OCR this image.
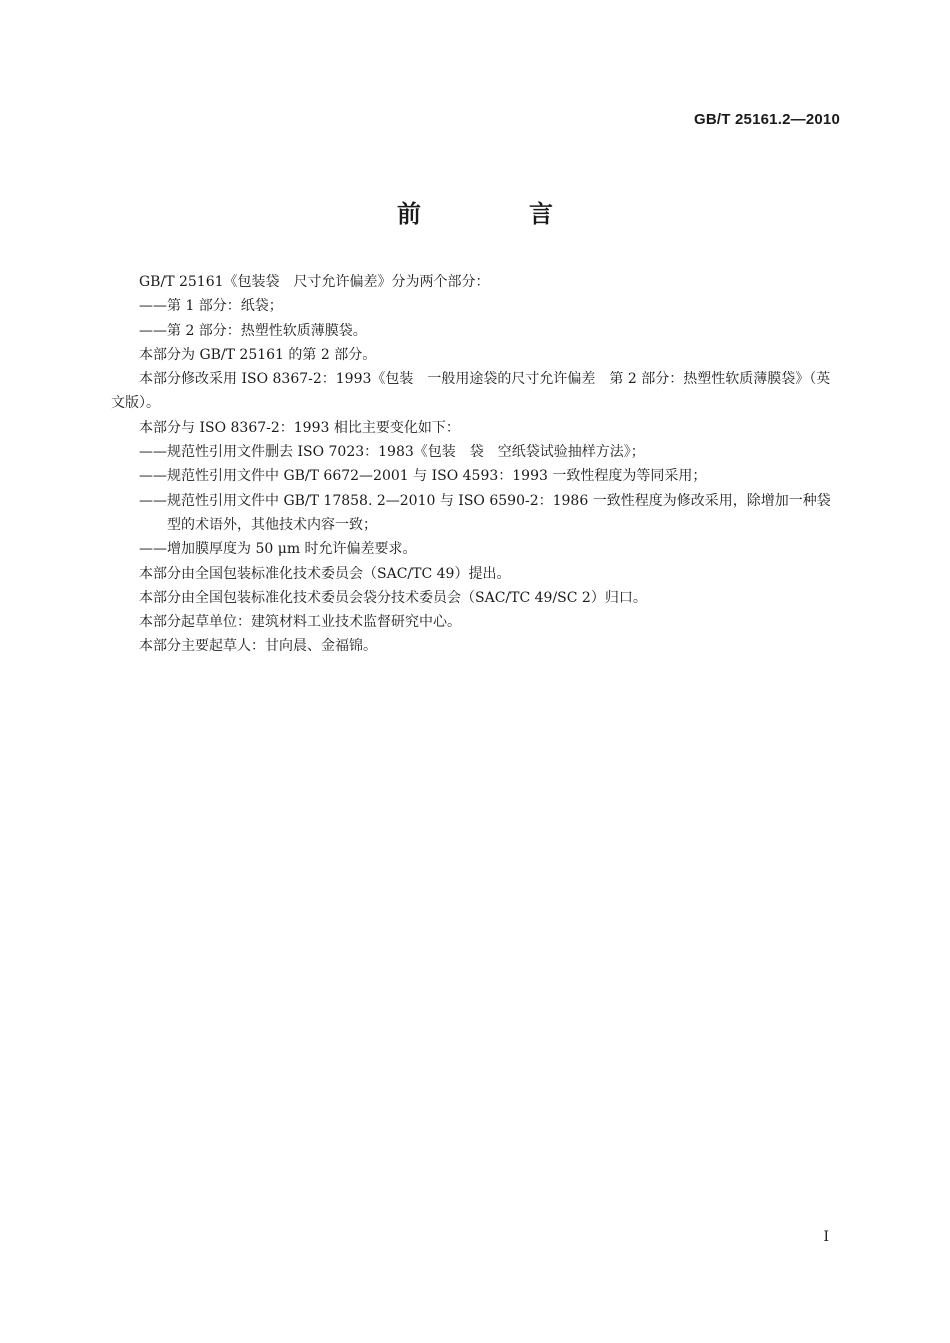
GB/T 25161.2—2010
前　言

GB/T 25161《包装袋　尺寸允许偏差》分为两个部分：

——第 1 部分：纸袋；

——第 2 部分：热塑性软质薄膜袋。

本部分为 GB/T 25161 的第 2 部分。

本部分修改采用 ISO 8367-2：1993《包装　一般用途袋的尺寸允许偏差　第 2 部分：热塑性软质薄膜袋》（英文版）。

本部分与 ISO 8367-2：1993 相比主要变化如下：

——规范性引用文件删去 ISO 7023：1983《包装　袋　空纸袋试验抽样方法》；

——规范性引用文件中 GB/T 6672—2001 与 ISO 4593：1993 一致性程度为等同采用；

——规范性引用文件中 GB/T 17858. 2—2010 与 ISO 6590-2：1986 一致性程度为修改采用，除增加一种袋型的术语外，其他技术内容一致；

——增加膜厚度为 50 μm 时允许偏差要求。

本部分由全国包装标准化技术委员会（SAC/TC 49）提出。

本部分由全国包装标准化技术委员会袋分技术委员会（SAC/TC 49/SC 2）归口。

本部分起草单位：建筑材料工业技术监督研究中心。

本部分主要起草人：甘向晨、金福锦。

I
